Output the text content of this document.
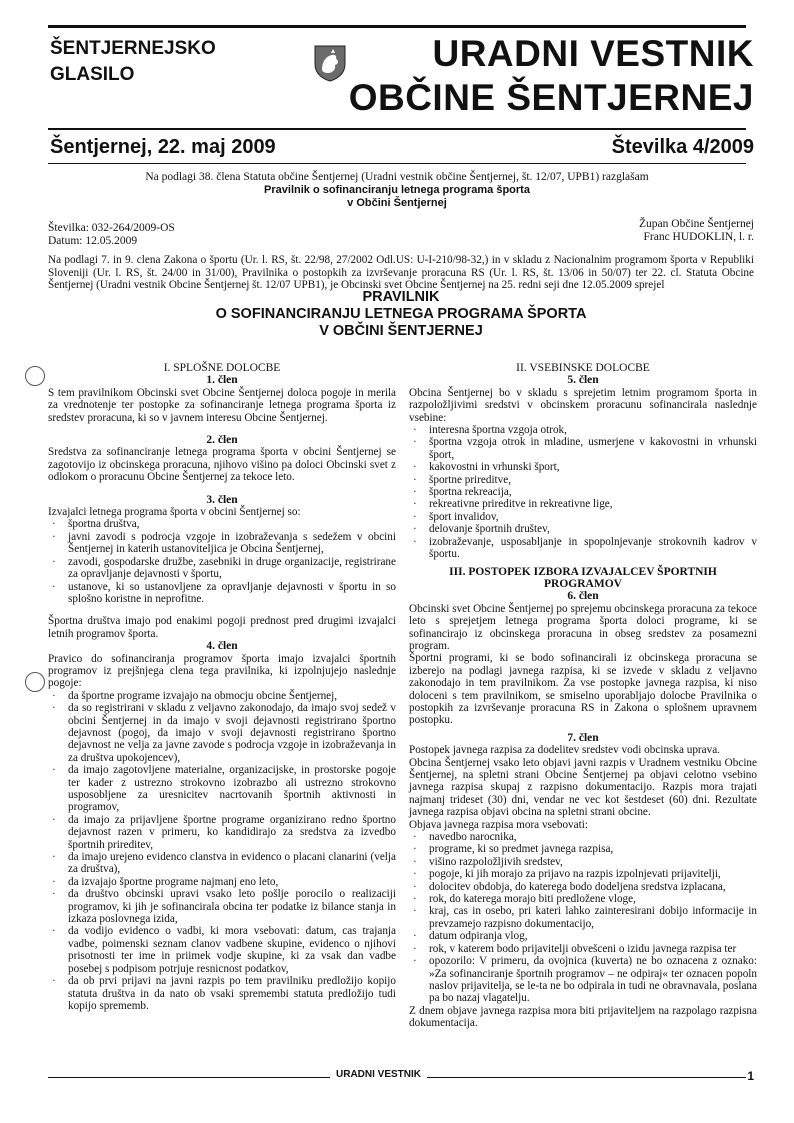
ŠENTJERNEJSKO
GLASILO
URADNI VESTNIK
OBČINE ŠENTJERNEJ
Šentjernej, 22. maj 2009	Številka 4/2009
Na podlagi 38. člena Statuta občine Šentjernej (Uradni vestnik občine Šentjernej, št. 12/07, UPB1) razglašam
Pravilnik o sofinanciranju letnega programa športa
v Občini Šentjernej
Številka: 032-264/2009-OS
Datum: 12.05.2009
Župan Občine Šentjernej
Franc HUDOKLIN, l. r.
Na podlagi 7. in 9. clena Zakona o športu (Ur. l. RS, št. 22/98, 27/2002 Odl.US: U-I-210/98-32,) in v skladu z Nacionalnim programom športa v Republiki Sloveniji (Ur. l. RS, št. 24/00 in 31/00), Pravilnika o postopkih za izvrševanje proracuna RS (Ur. l. RS, št. 13/06 in 50/07) ter 22. cl. Statuta Obcine Šentjernej (Uradni vestnik Obcine Šentjernej št. 12/07 UPB1), je Obcinski svet Obcine Šentjernej na 25. redni seji dne 12.05.2009 sprejel
PRAVILNIK
O SOFINANCIRANJU LETNEGA PROGRAMA ŠPORTA
V OBČINI ŠENTJERNEJ
I. SPLOŠNE DOLOCBE
1. člen

S tem pravilnikom Obcinski svet Obcine Šentjernej doloca pogoje in merila za vrednotenje ter postopke za sofinanciranje letnega programa športa iz sredstev proracuna, ki so v javnem interesu Obcine Šentjernej.

2. člen

Sredstva za sofinanciranje letnega programa športa v obcini Šentjernej se zagotovijo iz obcinskega proracuna, njihovo višino pa doloci Obcinski svet z odlokom o proracunu Obcine Šentjernej za tekoce leto.

3. člen

Izvajalci letnega programa športa v obcini Šentjernej so:

· športna društva,
· javni zavodi s podrocja vzgoje in izobraževanja s sedežem v obcini Šentjernej in katerih ustanoviteljica je Obcina Šentjernej,
· zavodi, gospodarske družbe, zasebniki in druge organizacije, registrirane za opravljanje dejavnosti v športu,
· ustanove, ki so ustanovljene za opravljanje dejavnosti v športu in so splošno koristne in neprofitne.

Športna društva imajo pod enakimi pogoji prednost pred drugimi izvajalci letnih programov športa.

4. člen

Pravico do sofinanciranja programov športa imajo izvajalci športnih programov iz prejšnjega clena tega pravilnika, ki izpolnjujejo naslednje pogoje:

· da športne programe izvajajo na obmocju obcine Šentjernej,
· da so registrirani v skladu z veljavno zakonodajo, da imajo svoj sedež v obcini Šentjernej in da imajo v svoji dejavnosti registrirano športno dejavnost (pogoj, da imajo v svoji dejavnosti registrirano športno dejavnost ne velja za javne zavode s podrocja vzgoje in izobraževanja in za društva upokojencev),
· da imajo zagotovljene materialne, organizacijske, in prostorske pogoje ter kader z ustrezno strokovno izobrazbo ali ustrezno strokovno usposobljene za uresnicitev nacrtovanih športnih aktivnosti in programov,
· da imajo za prijavljene športne programe organizirano redno športno dejavnost razen v primeru, ko kandidirajo za sredstva za izvedbo športnih prireditev,
· da imajo urejeno evidenco clanstva in evidenco o placani clanarini (velja za društva),
· da izvajajo športne programe najmanj eno leto,
· da društvo obcinski upravi vsako leto pošlje porocilo o realizaciji programov, ki jih je sofinancirala obcina ter podatke iz bilance stanja in izkaza poslovnega izida,
· da vodijo evidenco o vadbi, ki mora vsebovati: datum, cas trajanja vadbe, poimenski seznam clanov vadbene skupine, evidenco o njihovi prisotnosti ter ime in priimek vodje skupine, ki za vsak dan vadbe posebej s podpisom potrjuje resnicnost podatkov,
· da ob prvi prijavi na javni razpis po tem pravilniku predložijo kopijo statuta društva in da nato ob vsaki spremembi statuta predložijo tudi kopijo sprememb.
II. VSEBINSKE DOLOCBE
5. člen

Obcina Šentjernej bo v skladu s sprejetim letnim programom športa in razpoložljivimi sredstvi v obcinskem proracunu sofinancirala naslednje vsebine:

· interesna športna vzgoja otrok,
· športna vzgoja otrok in mladine, usmerjene v kakovostni in vrhunski šport,
· kakovostni in vrhunski šport,
· športne prireditve,
· športna rekreacija,
· rekreativne prireditve in rekreativne lige,
· šport invalidov,
· delovanje športnih društev,
· izobraževanje, usposabljanje in spopolnjevanje strokovnih kadrov v športu.
III. POSTOPEK IZBORA IZVAJALCEV ŠPORTNIH
PROGRAMOV
6. člen

Obcinski svet Obcine Šentjernej po sprejemu obcinskega proracuna za tekoce leto s sprejetjem letnega programa športa doloci programe, ki se sofinancirajo iz obcinskega proracuna in obseg sredstev za posamezni program.

Športni programi, ki se bodo sofinancirali iz obcinskega proracuna se izberejo na podlagi javnega razpisa, ki se izvede v skladu z veljavno zakonodajo in tem pravilnikom. Za vse postopke javnega razpisa, ki niso doloceni s tem pravilnikom, se smiselno uporabljajo dolocbe Pravilnika o postopkih za izvrševanje proracuna RS in Zakona o splošnem upravnem postopku.

7. člen

Postopek javnega razpisa za dodelitev sredstev vodi obcinska uprava.

Obcina Šentjernej vsako leto objavi javni razpis v Uradnem vestniku Obcine Šentjernej, na spletni strani Obcine Šentjernej pa objavi celotno vsebino javnega razpisa skupaj z razpisno dokumentacijo. Razpis mora trajati najmanj trideset (30) dni, vendar ne vec kot šestdeset (60) dni. Rezultate javnega razpisa objavi obcina na spletni strani obcine.

Objava javnega razpisa mora vsebovati:

· navedbo narocnika,
· programe, ki so predmet javnega razpisa,
· višino razpoložljivih sredstev,
· pogoje, ki jih morajo za prijavo na razpis izpolnjevati prijavitelji,
· dolocitev obdobja, do katerega bodo dodeljena sredstva izplacana,
· rok, do katerega morajo biti predložene vloge,
· kraj, cas in osebo, pri kateri lahko zainteresirani dobijo informacije in prevzamejo razpisno dokumentacijo,
· datum odpiranja vlog,
· rok, v katerem bodo prijavitelji obvešceni o izidu javnega razpisa ter
· opozorilo: V primeru, da ovojnica (kuverta) ne bo oznacena z oznako: »Za sofinanciranje športnih programov – ne odpiraj« ter oznacen popoln naslov prijavitelja, se le-ta ne bo odpirala in tudi ne obravnavala, poslana pa bo nazaj vlagatelju.

Z dnem objave javnega razpisa mora biti prijaviteljem na razpolago razpisna dokumentacija.

URADNI VESTNIK	1
